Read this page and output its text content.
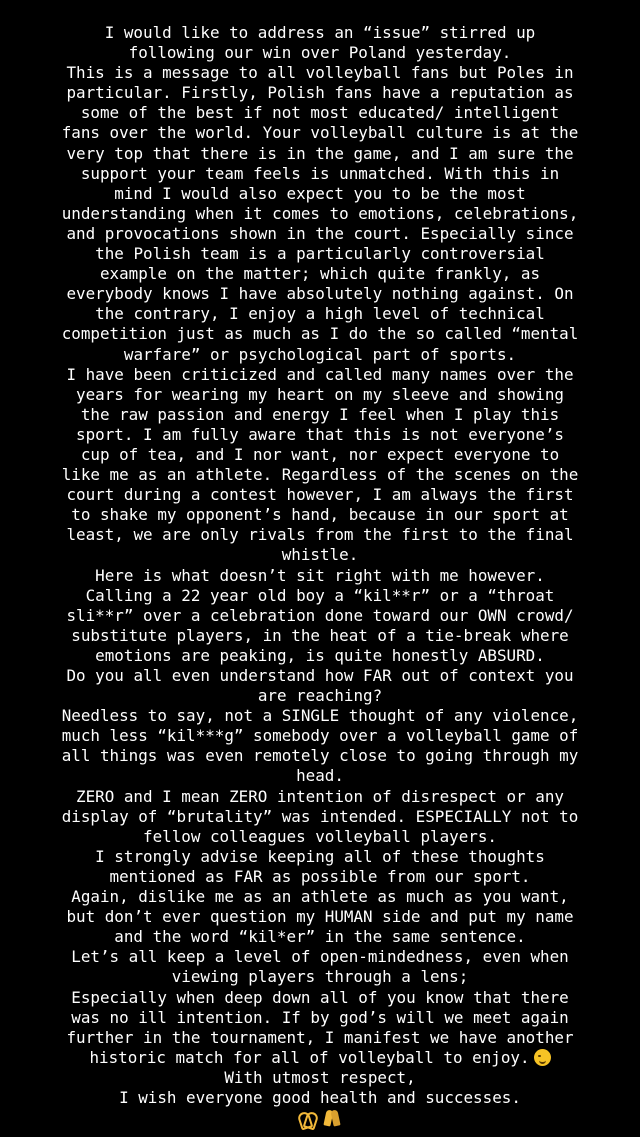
I would like to address an “issue” stirred up
following our win over Poland yesterday.
This is a message to all volleyball fans but Poles in
particular. Firstly, Polish fans have a reputation as
some of the best if not most educated/ intelligent
fans over the world. Your volleyball culture is at the
very top that there is in the game, and I am sure the
support your team feels is unmatched. With this in
mind I would also expect you to be the most
understanding when it comes to emotions, celebrations,
and provocations shown in the court. Especially since
the Polish team is a particularly controversial
example on the matter; which quite frankly, as
everybody knows I have absolutely nothing against. On
the contrary, I enjoy a high level of technical
competition just as much as I do the so called “mental
warfare” or psychological part of sports.
I have been criticized and called many names over the
years for wearing my heart on my sleeve and showing
the raw passion and energy I feel when I play this
sport. I am fully aware that this is not everyone’s
cup of tea, and I nor want, nor expect everyone to
like me as an athlete. Regardless of the scenes on the
court during a contest however, I am always the first
to shake my opponent’s hand, because in our sport at
least, we are only rivals from the first to the final
whistle.
Here is what doesn’t sit right with me however.
Calling a 22 year old boy a “kil**r” or a “throat
sli**r” over a celebration done toward our OWN crowd/
substitute players, in the heat of a tie-break where
emotions are peaking, is quite honestly ABSURD.
Do you all even understand how FAR out of context you
are reaching?
Needless to say, not a SINGLE thought of any violence,
much less “kil***g” somebody over a volleyball game of
all things was even remotely close to going through my
head.
ZERO and I mean ZERO intention of disrespect or any
display of “brutality” was intended. ESPECIALLY not to
fellow colleagues volleyball players.
I strongly advise keeping all of these thoughts
mentioned as FAR as possible from our sport.
Again, dislike me as an athlete as much as you want,
but don’t ever question my HUMAN side and put my name
and the word “kil*er” in the same sentence.
Let’s all keep a level of open-mindedness, even when
viewing players through a lens;
Especially when deep down all of you know that there
was no ill intention. If by god’s will we meet again
further in the tournament, I manifest we have another
historic match for all of volleyball to enjoy.
With utmost respect,
I wish everyone good health and successes.
